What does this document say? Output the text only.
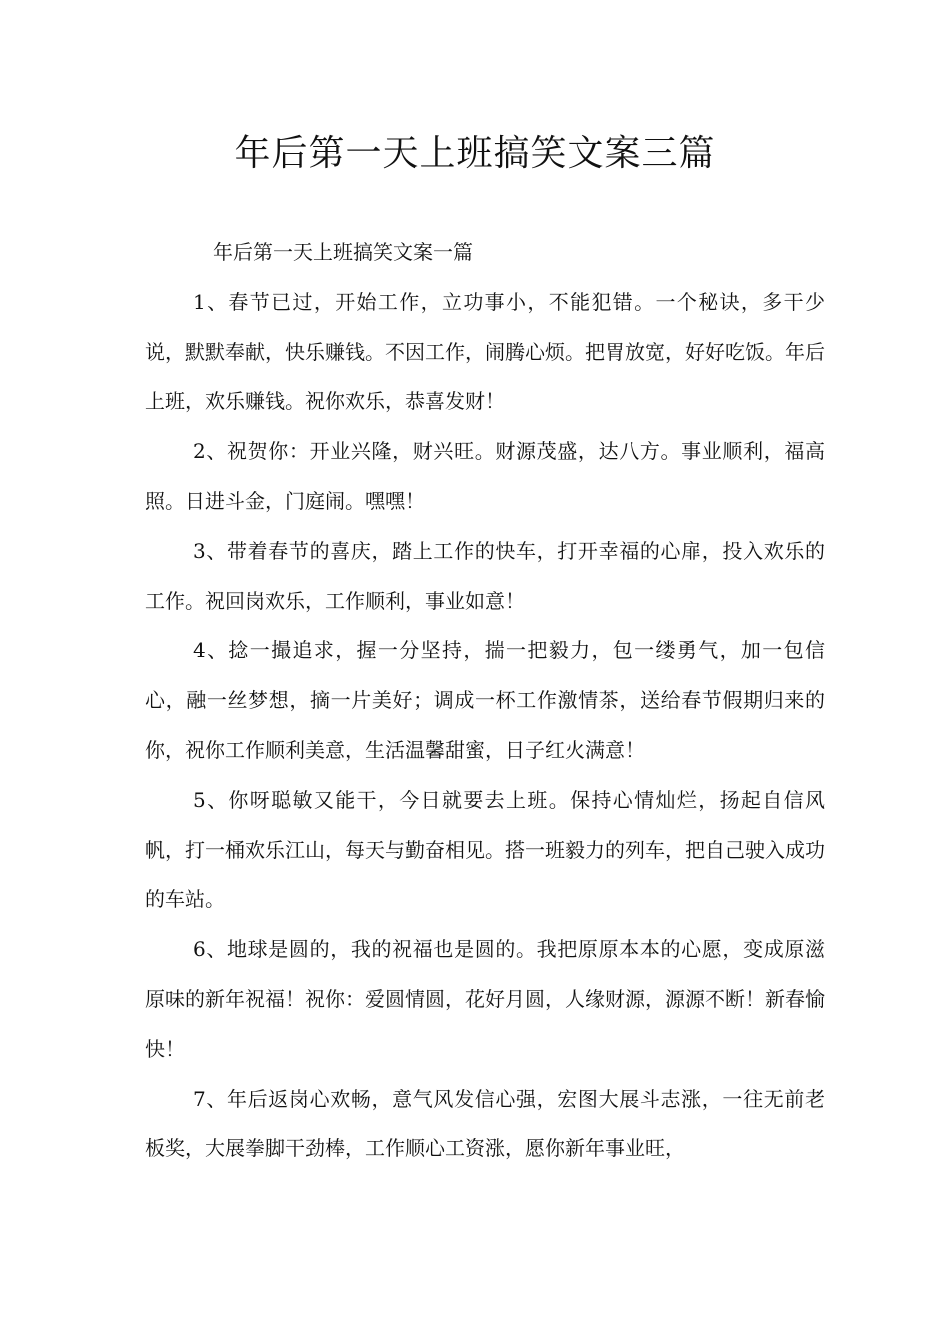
年后第一天上班搞笑文案三篇

年后第一天上班搞笑文案一篇

1、春节已过，开始工作，立功事小，不能犯错。一个秘诀，多干少说，默默奉献，快乐赚钱。不因工作，闹腾心烦。把胃放宽，好好吃饭。年后上班，欢乐赚钱。祝你欢乐，恭喜发财！

2、祝贺你：开业兴隆，财兴旺。财源茂盛，达八方。事业顺利，福高照。日进斗金，门庭闹。嘿嘿！

3、带着春节的喜庆，踏上工作的快车，打开幸福的心扉，投入欢乐的工作。祝回岗欢乐，工作顺利，事业如意！

4、捻一撮追求，握一分坚持，揣一把毅力，包一缕勇气，加一包信心，融一丝梦想，摘一片美好；调成一杯工作激情茶，送给春节假期归来的你，祝你工作顺利美意，生活温馨甜蜜，日子红火满意！

5、你呀聪敏又能干，今日就要去上班。保持心情灿烂，扬起自信风帆，打一桶欢乐江山，每天与勤奋相见。搭一班毅力的列车，把自己驶入成功的车站。

6、地球是圆的，我的祝福也是圆的。我把原原本本的心愿，变成原滋原味的新年祝福！祝你：爱圆情圆，花好月圆，人缘财源，源源不断！新春愉快！

7、年后返岗心欢畅，意气风发信心强，宏图大展斗志涨，一往无前老板奖，大展拳脚干劲棒，工作顺心工资涨，愿你新年事业旺，
